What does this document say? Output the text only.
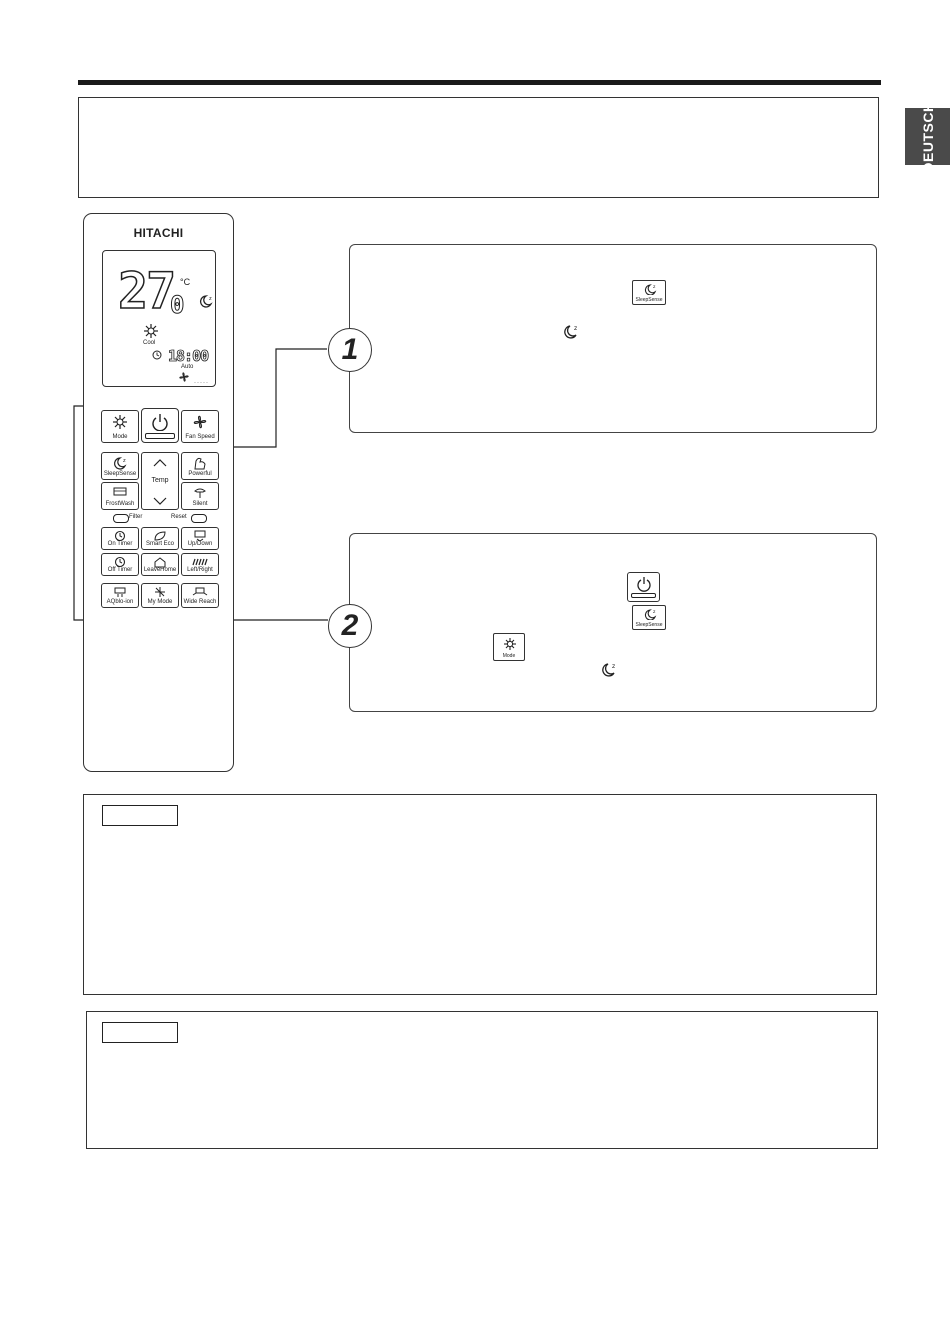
DEUTSCH
HITACHI
27
0
°C
z
Cool
18:00
Auto
·····
Mode	Fan Speed
z
SleepSense
Temp
Powerful
FrostWash	Silent
Filter	Reset
On Timer	Smart Eco	Up/Down
Off Timer	LeaveHome	Left/Right
AQblo-ion	My Mode	Wide Reach
z
SleepSense
z
1
z
SleepSense
Mode
z
2
